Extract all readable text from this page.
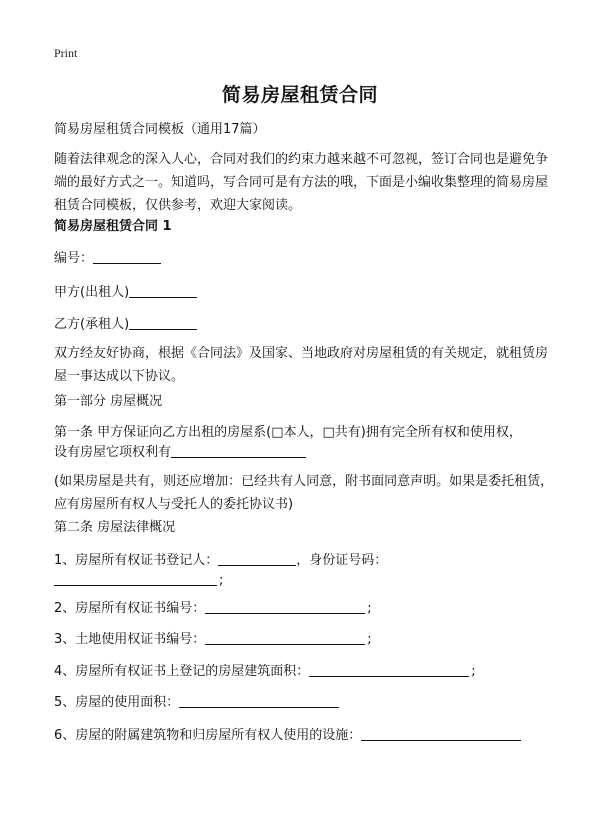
Print
简易房屋租赁合同
简易房屋租赁合同模板（通用17篇）
随着法律观念的深入人心，合同对我们的约束力越来越不可忽视，签订合同也是避免争端的最好方式之一。知道吗，写合同可是有方法的哦，下面是小编收集整理的简易房屋租赁合同模板，仅供参考，欢迎大家阅读。
简易房屋租赁合同 1
编号：
甲方(出租人)
乙方(承租人)
双方经友好协商，根据《合同法》及国家、当地政府对房屋租赁的有关规定，就租赁房屋一事达成以下协议。
第一部分 房屋概况
第一条 甲方保证向乙方出租的房屋系(□本人，□共有)拥有完全所有权和使用权，
设有房屋它项权利有
(如果房屋是共有，则还应增加：已经共有人同意，附书面同意声明。如果是委托租赁，应有房屋所有权人与受托人的委托协议书)
第二条 房屋法律概况
1、房屋所有权证书登记人：	，身份证号码：
;
2、房屋所有权证书编号：	;
3、土地使用权证书编号：	;
4、房屋所有权证书上登记的房屋建筑面积：	;
5、房屋的使用面积：
6、房屋的附属建筑物和归房屋所有权人使用的设施：
